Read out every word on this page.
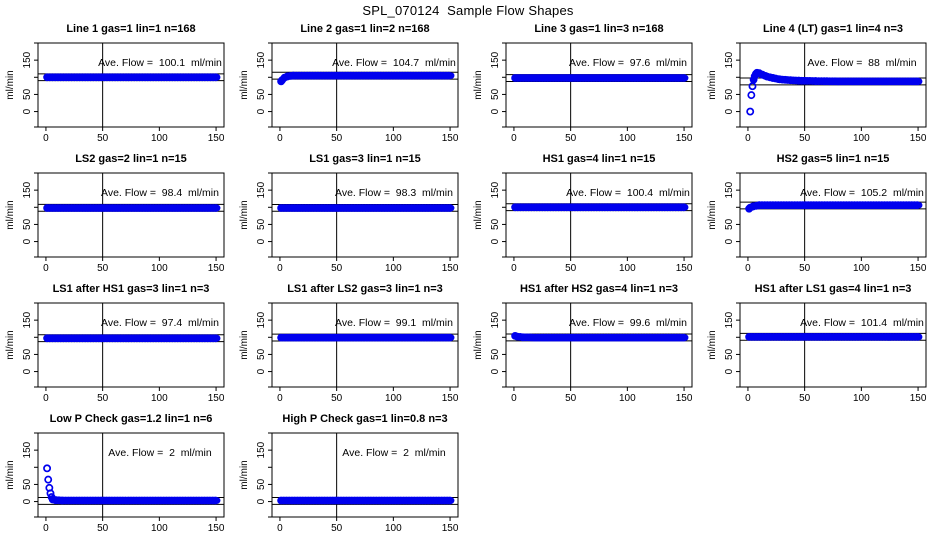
SPL_070124  Sample Flow Shapes
Line 1 gas=1 lin=1 n=168
0	50	100	150
0
50
150
ml/min
Ave. Flow =  100.1  ml/min
Line 2 gas=1 lin=2 n=168
0	50	100	150
0
50
150
ml/min
Ave. Flow =  104.7  ml/min
Line 3 gas=1 lin=3 n=168
0	50	100	150
0
50
150
ml/min
Ave. Flow =  97.6  ml/min
Line 4 (LT) gas=1 lin=4 n=3
0	50	100	150
0
50
150
ml/min
Ave. Flow =  88  ml/min
LS2 gas=2 lin=1 n=15
0	50	100	150
0
50
150
ml/min
Ave. Flow =  98.4  ml/min
LS1 gas=3 lin=1 n=15
0	50	100	150
0
50
150
ml/min
Ave. Flow =  98.3  ml/min
HS1 gas=4 lin=1 n=15
0	50	100	150
0
50
150
ml/min
Ave. Flow =  100.4  ml/min
HS2 gas=5 lin=1 n=15
0	50	100	150
0
50
150
ml/min
Ave. Flow =  105.2  ml/min
LS1 after HS1 gas=3 lin=1 n=3
0	50	100	150
0
50
150
ml/min
Ave. Flow =  97.4  ml/min
LS1 after LS2 gas=3 lin=1 n=3
0	50	100	150
0
50
150
ml/min
Ave. Flow =  99.1  ml/min
HS1 after HS2 gas=4 lin=1 n=3
0	50	100	150
0
50
150
ml/min
Ave. Flow =  99.6  ml/min
HS1 after LS1 gas=4 lin=1 n=3
0	50	100	150
0
50
150
ml/min
Ave. Flow =  101.4  ml/min
Low P Check gas=1.2 lin=1 n=6
0	50	100	150
0
50
150
ml/min
Ave. Flow =  2  ml/min
High P Check gas=1 lin=0.8 n=3
0	50	100	150
0
50
150
ml/min
Ave. Flow =  2  ml/min
